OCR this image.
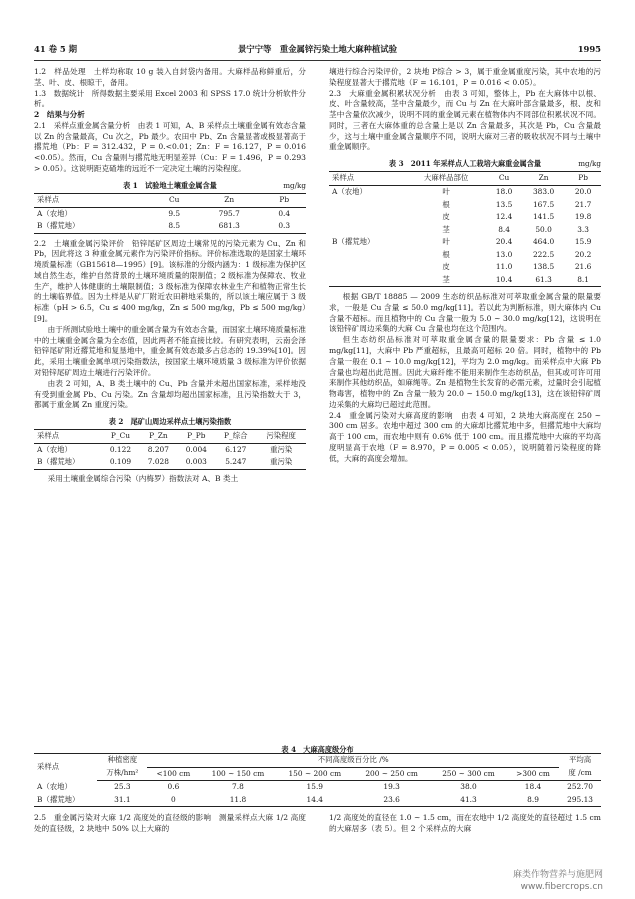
41 卷 5 期	景宁宁等　重金属锌污染土地大麻种植试验	1995

1.2　样品处理　土样均称取 10 g 装入自封袋内备用。大麻样品称鲜重后，分茎、叶、皮、根晾干，备用。

1.3　数据统计　所得数据主要采用 Excel 2003 和 SPSS 17.0 统计分析软件分析。

2　结果与分析

2.1　采样点重金属含量分析　由表 1 可知，A、B 采样点土壤重金属有效态含量以 Zn 的含量最高，Cu 次之，Pb 最少。农田中 Pb、Zn 含量显著或极显著高于撂荒地（Pb：F = 312.432，P = 0.<0.01；Zn：F = 16.127，P = 0.016 <0.05）。然而，Cu 含量则与撂荒地无明显差异（Cu：F = 1.496，P = 0.293 > 0.05）。这说明距克碴堆的远近不一定决定土壤的污染程度。

表 1　试验地土壤重金属含量	mg/kg
采样点	Cu	Zn	Pb
A（农地）	9.5	795.7	0.4
B（撂荒地）	8.5	681.3	0.3

2.2　土壤重金属污染评价　铅锌尾矿区周边土壤常见的污染元素为 Cu、Zn 和 Pb，因此将这 3 种重金属元素作为污染评价指标。评价标准选取的是国家土壤环境质量标准（GB15618—1995）[9]。该标准的分级内涵为：1 级标准为保护区域自然生态，维护自然背景的土壤环境质量的限制值；2 级标准为保障农、牧业生产，维护人体健康的土壤限制值；3 级标准为保障农林业生产和植物正常生长的土壤临界值。因为土样是从矿厂附近农田耕地采集的，所以该土壤应属于 3 级标准（pH > 6.5，Cu ≤ 400 mg/kg，Zn ≤ 500 mg/kg，Pb ≤ 500 mg/kg）[9]。

由于所测试验地土壤中的重金属含量为有效态含量，而国家土壤环境质量标准中的土壤重金属含量为全态值，因此两者不能直接比较。有研究表明，云南会泽铅锌尾矿附近撂荒地和复垦地中，重金属有效态最多占总态的 19.39%[10]。因此，采用土壤重金属单项污染指数法，按国家土壤环境质量 3 级标准为评价依据对铅锌尾矿周边土壤进行污染评价。

由表 2 可知，A、B 类土壤中的 Cu、Pb 含量并未超出国家标准，采样地没有受到重金属 Pb、Cu 污染。Zn 含量却均超出国家标准，且污染指数大于 3，都属于重金属 Zn 重度污染。

表 2　尾矿山周边采样点土壤污染指数
采样点	P_Cu	P_Zn	P_Pb	P_综合	污染程度
A（农地）	0.122	8.207	0.004	6.127	重污染
B（撂荒地）	0.109	7.028	0.003	5.247	重污染

采用土壤重金属综合污染（内梅罗）指数法对 A、B 类土

壤进行综合污染评价，2 块地 P综合 > 3，属于重金属重度污染，其中农地的污染程度显著大于撂荒地（F = 16.101，P = 0.016 < 0.05）。

2.3　大麻重金属积累状况分析　由表 3 可知，整体上，Pb 在大麻体中以根、皮、叶含量较高，茎中含量最少，而 Cu 与 Zn 在大麻叶部含量最多，根、皮和茎中含量依次减少，说明不同的重金属元素在植物体内不同部位积累状况不同。同时，三者在大麻体重的总含量上是以 Zn 含量最多，其次是 Pb，Cu 含量最少，这与土壤中重金属含量顺序不同，说明大麻对三者的吸收状况不同与土壤中重金属顺序。

表 3　2011 年采样点人工栽培大麻重金属含量	mg/kg
采样点	大麻样品部位	Cu	Zn	Pb
A（农地）	叶	18.0	383.0	20.0
	根	13.5	167.5	21.7
	皮	12.4	141.5	19.8
	茎	8.4	50.0	3.3
B（撂荒地）	叶	20.4	464.0	15.9
	根	13.0	222.5	20.2
	皮	11.0	138.5	21.6
	茎	10.4	61.3	8.1

根据 GB/T 18885 — 2009 生态纺织品标准对可萃取重金属含量的限量要求，一般是 Cu 含量 ≤ 50.0 mg/kg[11]。若以此为判断标准，则大麻体内 Cu 含量不超标。而且植物中的 Cu 含量一般为 5.0 ~ 30.0 mg/kg[12]，这说明在该铅锌矿周边采集的大麻 Cu 含量也均在这个范围内。

但生态纺织品标准对可萃取重金属含量的限量要求：Pb 含量 ≤ 1.0 mg/kg[11]，大麻中 Pb 严重超标，且最高可超标 20 倍。同时，植物中的 Pb 含量一般在 0.1 ~ 10.0 mg/kg[12]，平均为 2.0 mg/kg。而采样点中大麻 Pb 含量也均超出此范围。因此大麻纤维不能用来制作生态纺织品，但其或可许可用来制作其他纺织品，如麻绳等。Zn 是植物生长发育的必需元素，过量时会引起植物毒害，植物中的 Zn 含量一般为 20.0 ~ 150.0 mg/kg[13]，这在该铅锌矿周边采集的大麻均已超过此范围。

2.4　重金属污染对大麻高度的影响　由表 4 可知，2 块地大麻高度在 250 ~ 300 cm 居多。农地中超过 300 cm 的大麻却比撂荒地中多，但撂荒地中大麻均高于 100 cm，而农地中则有 0.6% 低于 100 cm。而且撂荒地中大麻的平均高度明显高于农地（F = 8.970，P = 0.005 < 0.05），说明随着污染程度的降低，大麻的高度会增加。

表 4　大麻高度级分布
采样点	种植密度	不同高度级百分比 /%						平均高
	万株/hm²	<100 cm	100 ~ 150 cm	150 ~ 200 cm	200 ~ 250 cm	250 ~ 300 cm	>300 cm	度 /cm
A（农地）	25.3	0.6	7.8	15.9	19.3	38.0	18.4	252.70
B（撂荒地）	31.1	0	11.8	14.4	23.6	41.3	8.9	295.13

2.5　重金属污染对大麻 1/2 高度处的直径级的影响　测量采样点大麻 1/2 高度处的直径级，2 块地中 50% 以上大麻的

1/2 高度处的直径在 1.0 ~ 1.5 cm，而在农地中 1/2 高度处的直径超过 1.5 cm 的大麻居多（表 5）。但 2 个采样点的大麻

麻类作物营养与施肥网
www.fibercrops.cn
